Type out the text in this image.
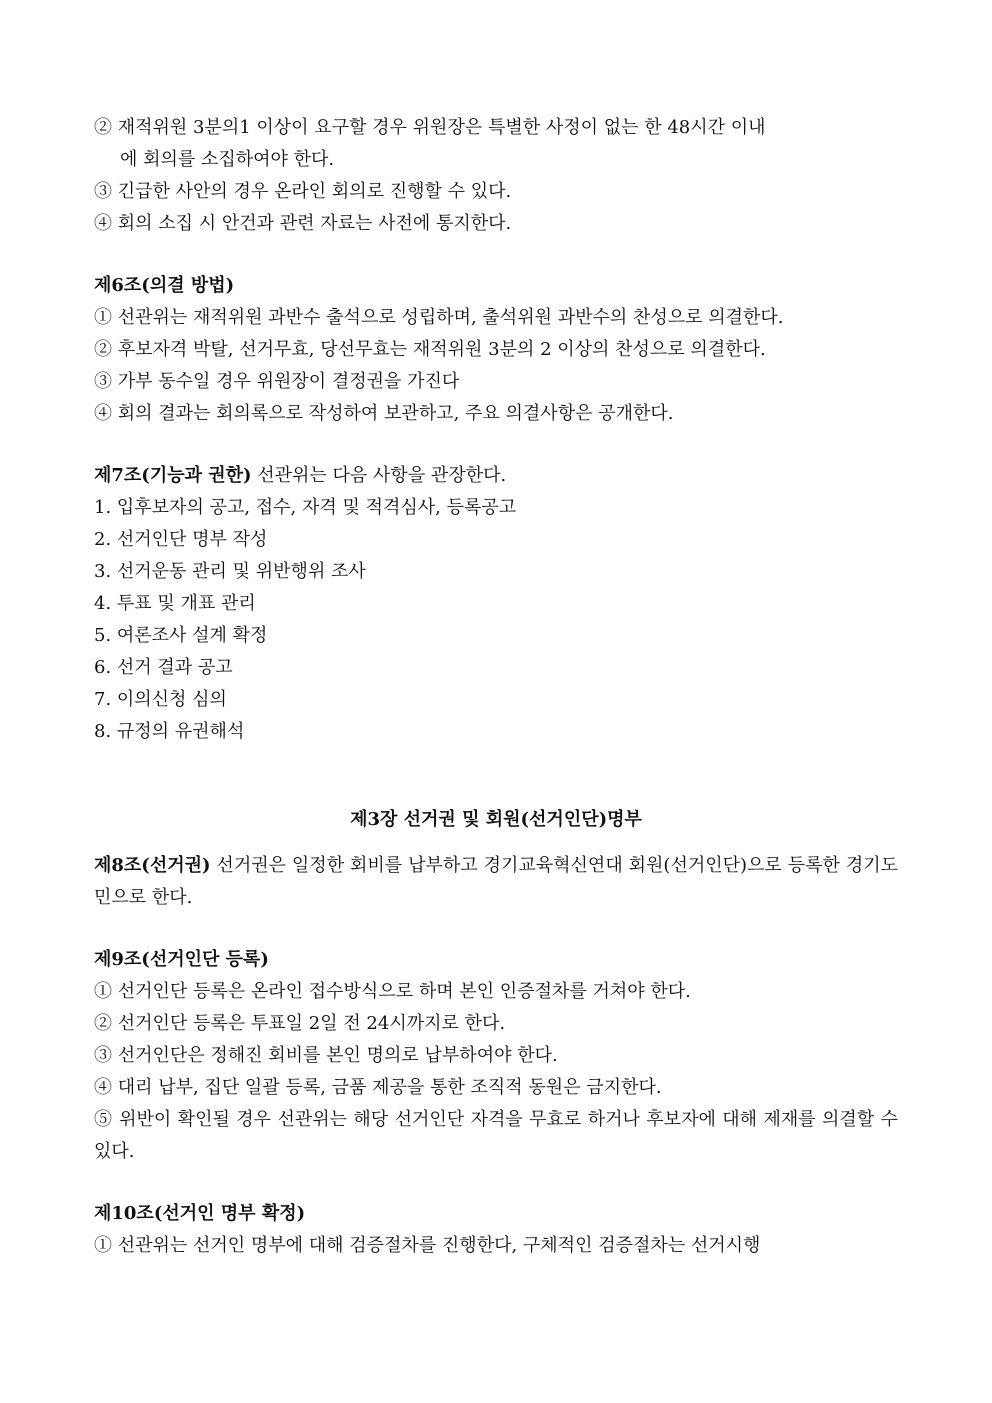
② 재적위원 3분의1 이상이 요구할 경우 위원장은 특별한 사정이 없는 한 48시간 이내
에 회의를 소집하여야 한다.
③ 긴급한 사안의 경우 온라인 회의로 진행할 수 있다.
④ 회의 소집 시 안건과 관련 자료는 사전에 통지한다.
제6조(의결 방법)
① 선관위는 재적위원 과반수 출석으로 성립하며, 출석위원 과반수의 찬성으로 의결한다.
② 후보자격 박탈, 선거무효, 당선무효는 재적위원 3분의 2 이상의 찬성으로 의결한다.
③ 가부 동수일 경우 위원장이 결정권을 가진다
④ 회의 결과는 회의록으로 작성하여 보관하고, 주요 의결사항은 공개한다.
제7조(기능과 권한) 선관위는 다음 사항을 관장한다.
1. 입후보자의 공고, 접수, 자격 및 적격심사, 등록공고
2. 선거인단 명부 작성
3. 선거운동 관리 및 위반행위 조사
4. 투표 및 개표 관리
5. 여론조사 설계 확정
6. 선거 결과 공고
7. 이의신청 심의
8. 규정의 유권해석
제3장 선거권 및 회원(선거인단)명부
제8조(선거권) 선거권은 일정한 회비를 납부하고 경기교육혁신연대 회원(선거인단)으로 등록한 경기도민으로 한다.
제9조(선거인단 등록)
① 선거인단 등록은 온라인 접수방식으로 하며 본인 인증절차를 거쳐야 한다.
② 선거인단 등록은 투표일 2일 전 24시까지로 한다.
③ 선거인단은 정해진 회비를 본인 명의로 납부하여야 한다.
④ 대리 납부, 집단 일괄 등록, 금품 제공을 통한 조직적 동원은 금지한다.
⑤ 위반이 확인될 경우 선관위는 해당 선거인단 자격을 무효로 하거나 후보자에 대해 제재를 의결할 수 있다.
제10조(선거인 명부 확정)
① 선관위는 선거인 명부에 대해 검증절차를 진행한다, 구체적인 검증절차는 선거시행
